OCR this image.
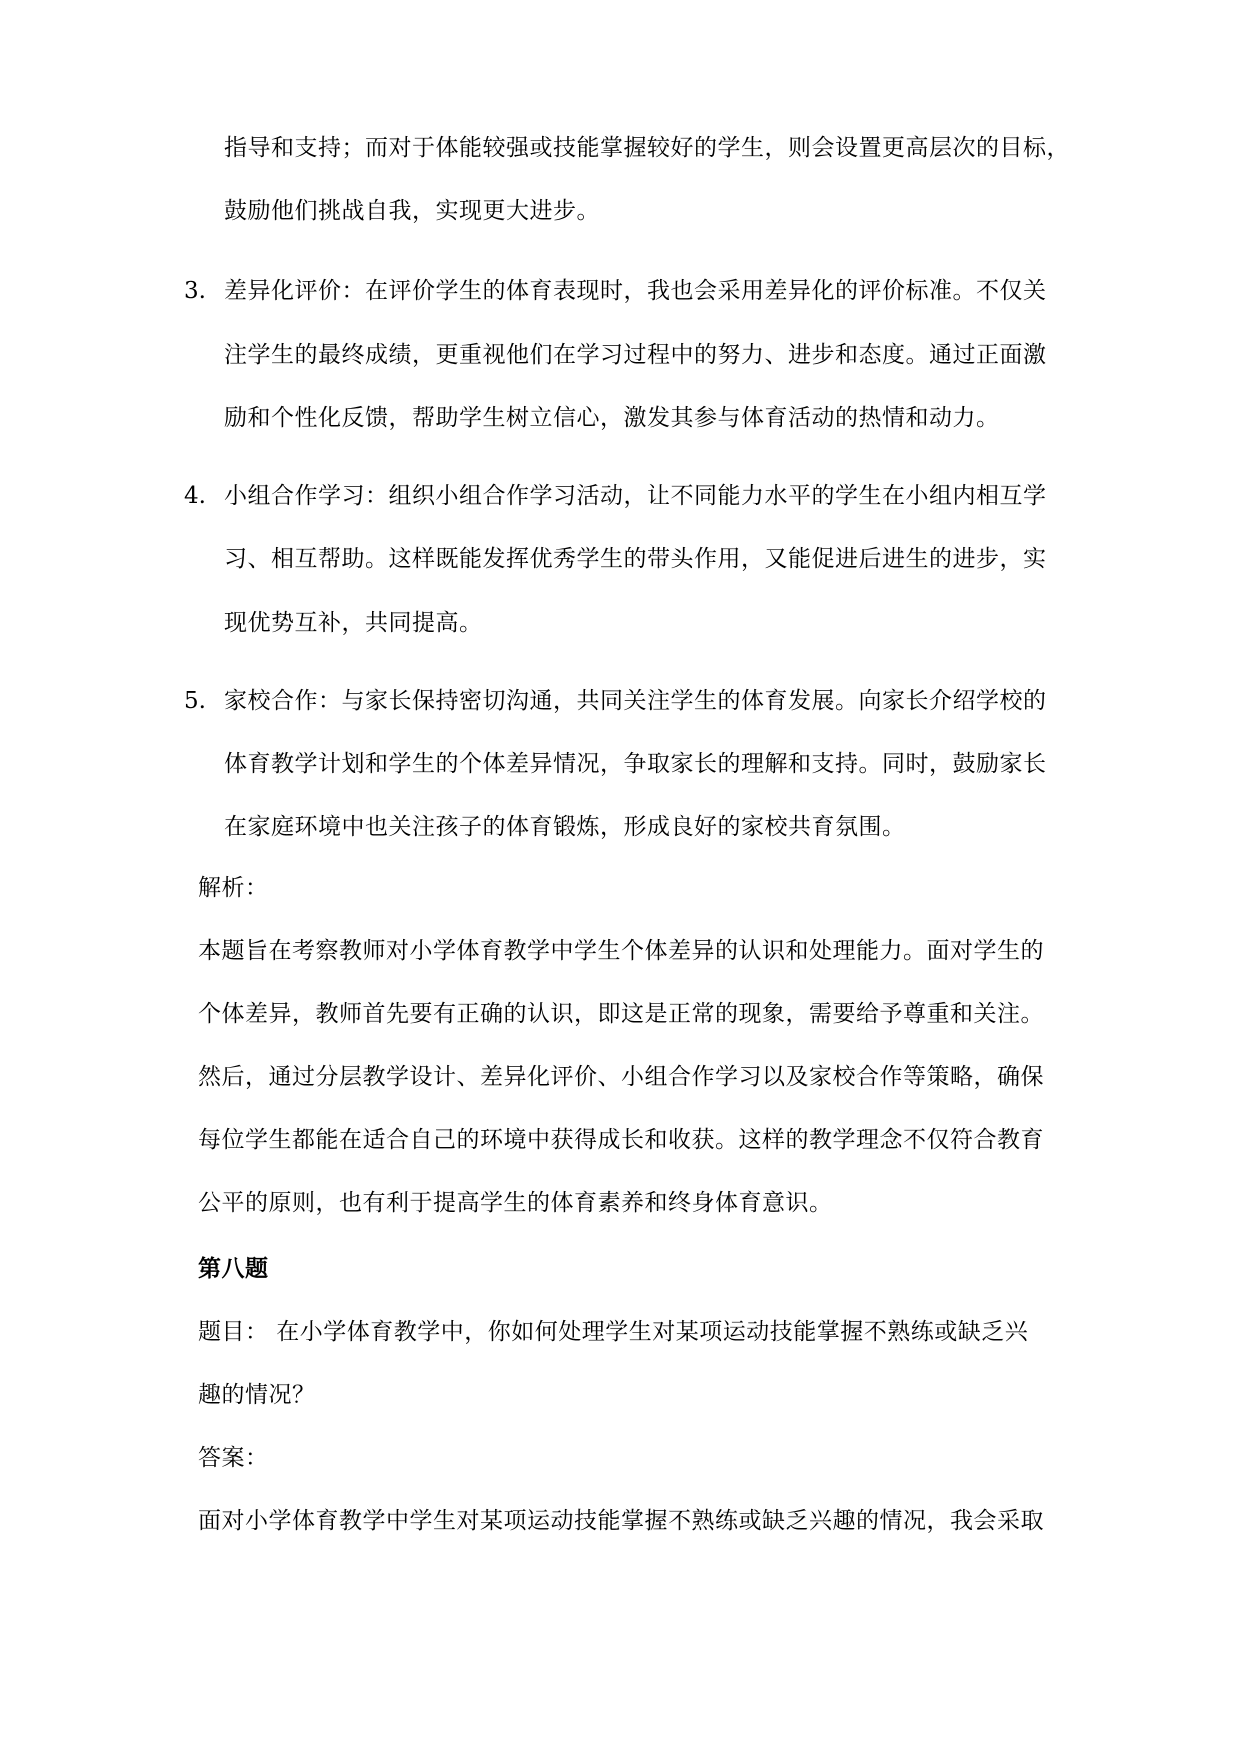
指导和支持；而对于体能较强或技能掌握较好的学生，则会设置更高层次的目标，
鼓励他们挑战自我，实现更大进步。
3. 差异化评价：在评价学生的体育表现时，我也会采用差异化的评价标准。不仅关
注学生的最终成绩，更重视他们在学习过程中的努力、进步和态度。通过正面激
励和个性化反馈，帮助学生树立信心，激发其参与体育活动的热情和动力。
4. 小组合作学习：组织小组合作学习活动，让不同能力水平的学生在小组内相互学
习、相互帮助。这样既能发挥优秀学生的带头作用，又能促进后进生的进步，实
现优势互补，共同提高。
5. 家校合作：与家长保持密切沟通，共同关注学生的体育发展。向家长介绍学校的
体育教学计划和学生的个体差异情况，争取家长的理解和支持。同时，鼓励家长
在家庭环境中也关注孩子的体育锻炼，形成良好的家校共育氛围。
解析：
本题旨在考察教师对小学体育教学中学生个体差异的认识和处理能力。面对学生的
个体差异，教师首先要有正确的认识，即这是正常的现象，需要给予尊重和关注。
然后，通过分层教学设计、差异化评价、小组合作学习以及家校合作等策略，确保
每位学生都能在适合自己的环境中获得成长和收获。这样的教学理念不仅符合教育
公平的原则，也有利于提高学生的体育素养和终身体育意识。
第八题
题目： 在小学体育教学中，你如何处理学生对某项运动技能掌握不熟练或缺乏兴
趣的情况？
答案：
面对小学体育教学中学生对某项运动技能掌握不熟练或缺乏兴趣的情况，我会采取
